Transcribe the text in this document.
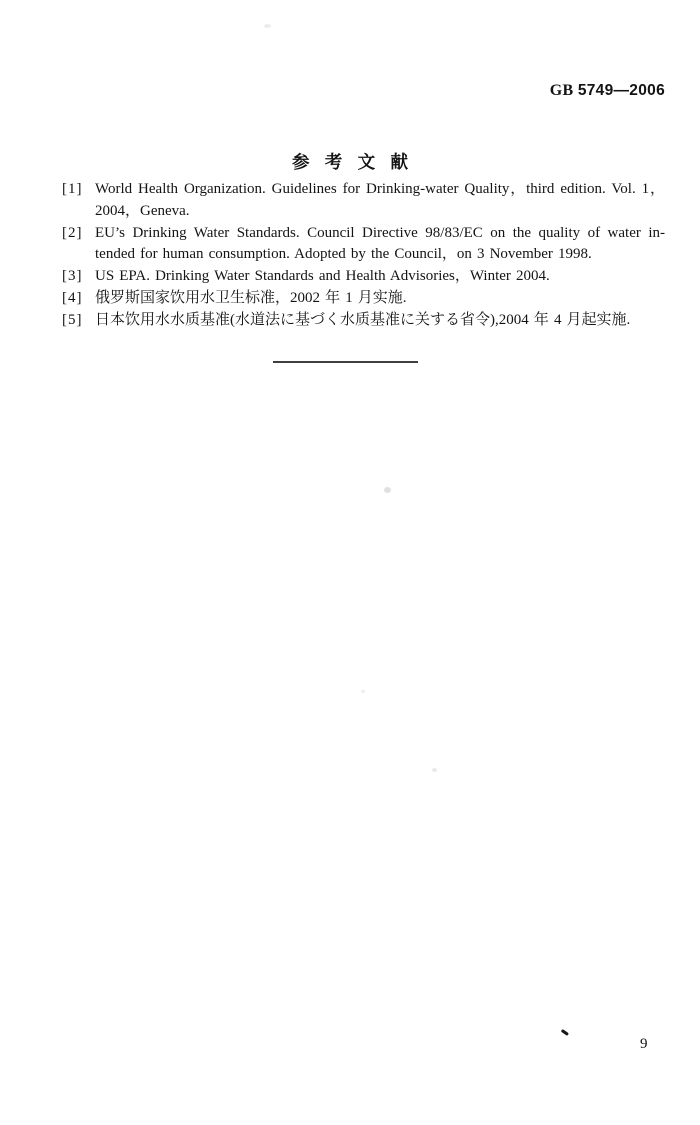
GB 5749—2006
参 考 文 献
[1] World Health Organization. Guidelines for Drinking-water Quality，third edition. Vol. 1，
2004，Geneva.
[2] EU’s Drinking Water Standards. Council Directive 98/83/EC on the quality of water in-
tended for human consumption. Adopted by the Council，on 3 November 1998.
[3] US EPA. Drinking Water Standards and Health Advisories，Winter 2004.
[4] 俄罗斯国家饮用水卫生标准，2002 年 1 月实施.
[5] 日本饮用水水质基准(水道法に基づく水质基准に关する省令),2004 年 4 月起实施.
9
